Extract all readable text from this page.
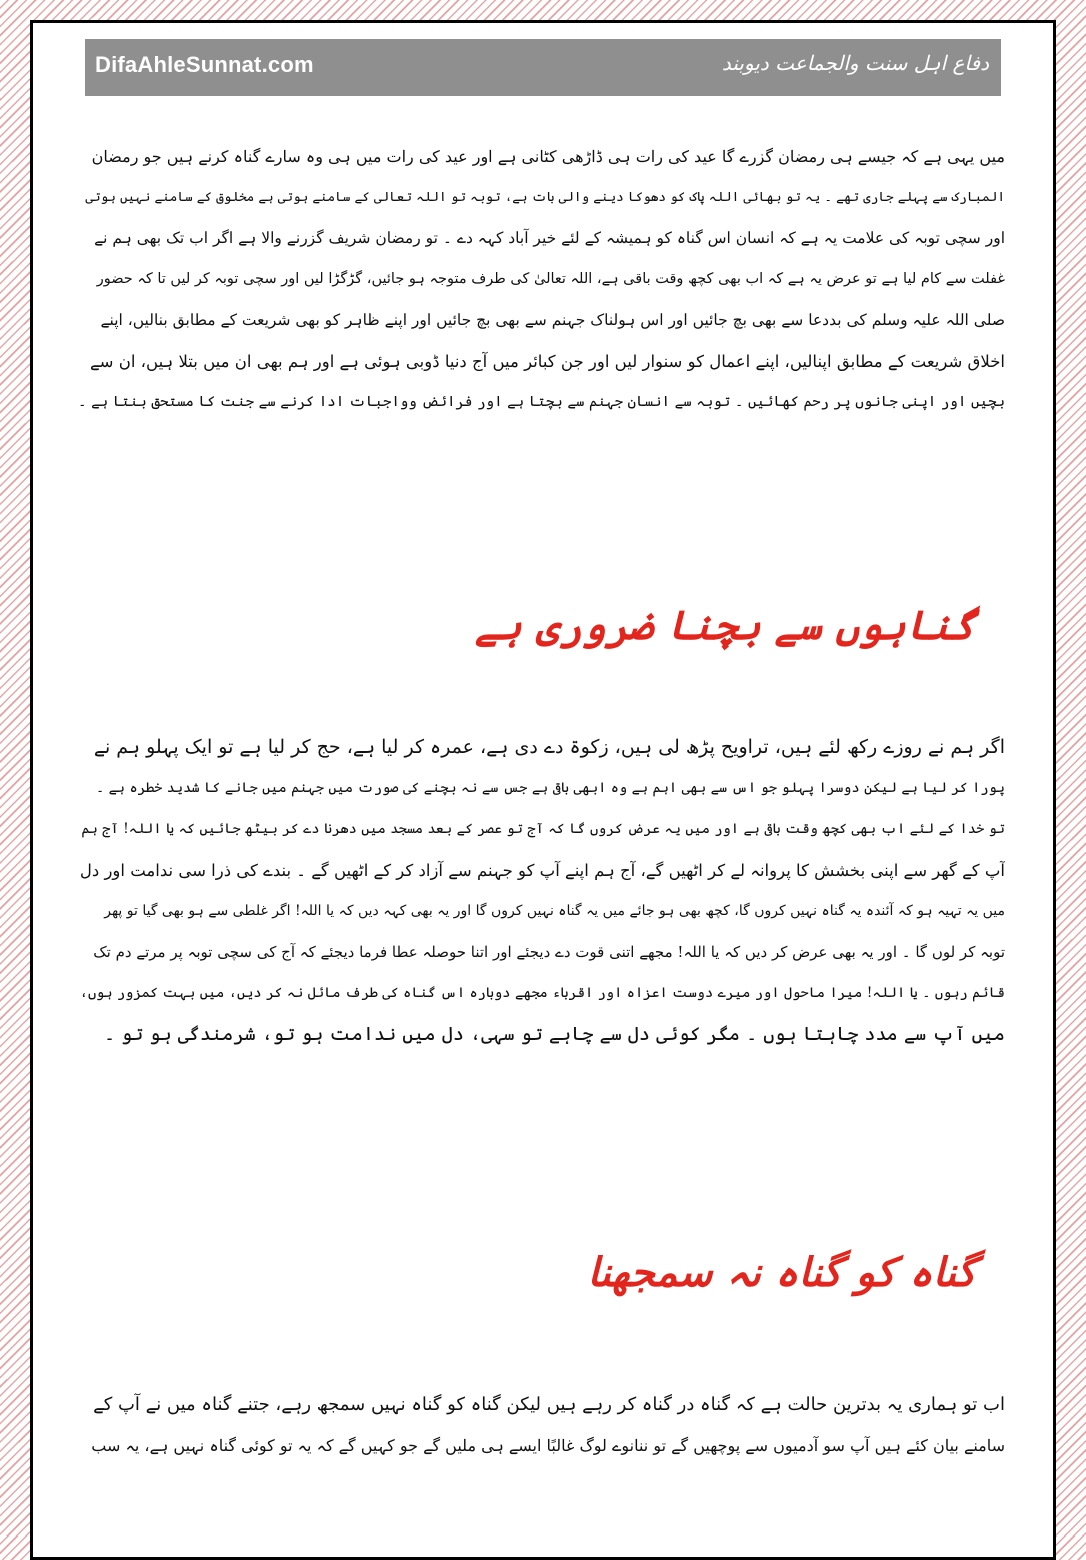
DifaAhleSunnat.com	دفاع اہل سنت والجماعت دیوبند

میں یہی ہے کہ جیسے ہی رمضان گزرے گا عید کی رات ہی ڈاڑھی کٹانی ہے اور عید کی رات میں ہی وہ سارے گناہ کرنے ہیں جو رمضان

المبارک سے پہلے جاری تھے ۔ یہ تو بھائی اللہ پاک کو دھوکا دینے والی بات ہے، توبہ تو اللہ تعالی کے سامنے ہوتی ہے مخلوق کے سامنے نہیں ہوتی

اور سچی توبہ کی علامت یہ ہے کہ انسان اس گناہ کو ہمیشہ کے لئے خیر آباد کہہ دے ۔ تو رمضان شریف گزرنے والا ہے اگر اب تک بھی ہم نے

غفلت سے کام لیا ہے تو عرض یہ ہے کہ اب بھی کچھ وقت باقی ہے، اللہ تعالیٰ کی طرف متوجہ ہو جائیں، گڑگڑا لیں اور سچی توبہ کر لیں تا کہ حضور

صلی اللہ علیہ وسلم کی بددعا سے بھی بچ جائیں اور اس ہولناک جہنم سے بھی بچ جائیں اور اپنے ظاہر کو بھی شریعت کے مطابق بنالیں، اپنے

اخلاق شریعت کے مطابق اپنالیں، اپنے اعمال کو سنوار لیں اور جن کبائر میں آج دنیا ڈوبی ہوئی ہے اور ہم بھی ان میں بتلا ہیں، ان سے

بچیں اور اپنی جانوں پر رحم کھائیں ۔ توبہ سے انسان جہنم سے بچتا ہے اور فرائض وواجبات ادا کرنے سے جنت کا مستحق بنتا ہے ۔

گناہوں سے بچنا ضروری ہے

اگر ہم نے روزے رکھ لئے ہیں، تراویح پڑھ لی ہیں، زکوۃ دے دی ہے، عمرہ کر لیا ہے، حج کر لیا ہے تو ایک پہلو ہم نے

پورا کر لیا ہے لیکن دوسرا پہلو جو اس سے بھی اہم ہے وہ ابھی باقی ہے جس سے نہ بچنے کی صورت میں جہنم میں جانے کا شدید خطرہ ہے ۔

تو خدا کے لئے اب بھی کچھ وقت باقی ہے اور میں یہ عرض کروں گا کہ آج تو عصر کے بعد مسجد میں دھرنا دے کر بیٹھ جائیں کہ یا اللہ! آج ہم

آپ کے گھر سے اپنی بخشش کا پروانہ لے کر اٹھیں گے، آج ہم اپنے آپ کو جہنم سے آزاد کر کے اٹھیں گے ۔ بندے کی ذرا سی ندامت اور دل

میں یہ تہیہ ہو کہ آئندہ یہ گناہ نہیں کروں گا، کچھ بھی ہو جائے میں یہ گناہ نہیں کروں گا اور یہ بھی کہہ دیں کہ یا اللہ! اگر غلطی سے ہو بھی گیا تو پھر

توبہ کر لوں گا ۔ اور یہ بھی عرض کر دیں کہ یا اللہ! مجھے اتنی قوت دے دیجئے اور اتنا حوصلہ عطا فرما دیجئے کہ آج کی سچی توبہ پر مرتے دم تک

قائم رہوں ۔ یا اللہ! میرا ماحول اور میرے دوست اعزاہ اور اقرباء مجھے دوبارہ اس گناہ کی طرف مائل نہ کر دیں، میں بہت کمزور ہوں،

میں آپ سے مدد چاہتا ہوں ۔ مگر کوئی دل سے چاہے تو سہی، دل میں ندامت ہو تو، شرمندگی ہو تو ۔

گناہ کو گناہ نہ سمجھنا

اب تو ہماری یہ بدترین حالت ہے کہ گناہ در گناہ کر رہے ہیں لیکن گناہ کو گناہ نہیں سمجھ رہے، جتنے گناہ میں نے آپ کے

سامنے بیان کئے ہیں آپ سو آدمیوں سے پوچھیں گے تو ننانوے لوگ غالبًا ایسے ہی ملیں گے جو کہیں گے کہ یہ تو کوئی گناہ نہیں ہے، یہ سب
